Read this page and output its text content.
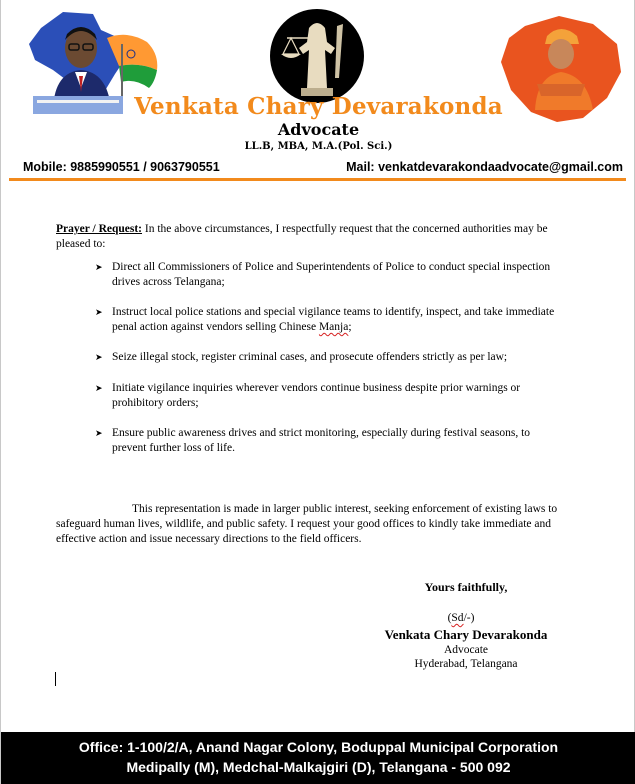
Venkata Chary Devarakonda
Advocate
LL.B, MBA, M.A.(Pol. Sci.)
Mobile: 9885990551 / 9063790551	Mail: venkatdevarakondaadvocate@gmail.com

Prayer / Request: In the above circumstances, I respectfully request that the concerned authorities may be pleased to:

➤ Direct all Commissioners of Police and Superintendents of Police to conduct special inspection drives across Telangana;
➤ Instruct local police stations and special vigilance teams to identify, inspect, and take immediate penal action against vendors selling Chinese Manja;
➤ Seize illegal stock, register criminal cases, and prosecute offenders strictly as per law;
➤ Initiate vigilance inquiries wherever vendors continue business despite prior warnings or prohibitory orders;
➤ Ensure public awareness drives and strict monitoring, especially during festival seasons, to prevent further loss of life.

This representation is made in larger public interest, seeking enforcement of existing laws to safeguard human lives, wildlife, and public safety. I request your good offices to kindly take immediate and effective action and issue necessary directions to the field officers.

Yours faithfully,
(Sd/-)
Venkata Chary Devarakonda
Advocate
Hyderabad, Telangana
Office: 1-100/2/A, Anand Nagar Colony, Boduppal Municipal Corporation
Medipally (M), Medchal-Malkajgiri (D), Telangana - 500 092
